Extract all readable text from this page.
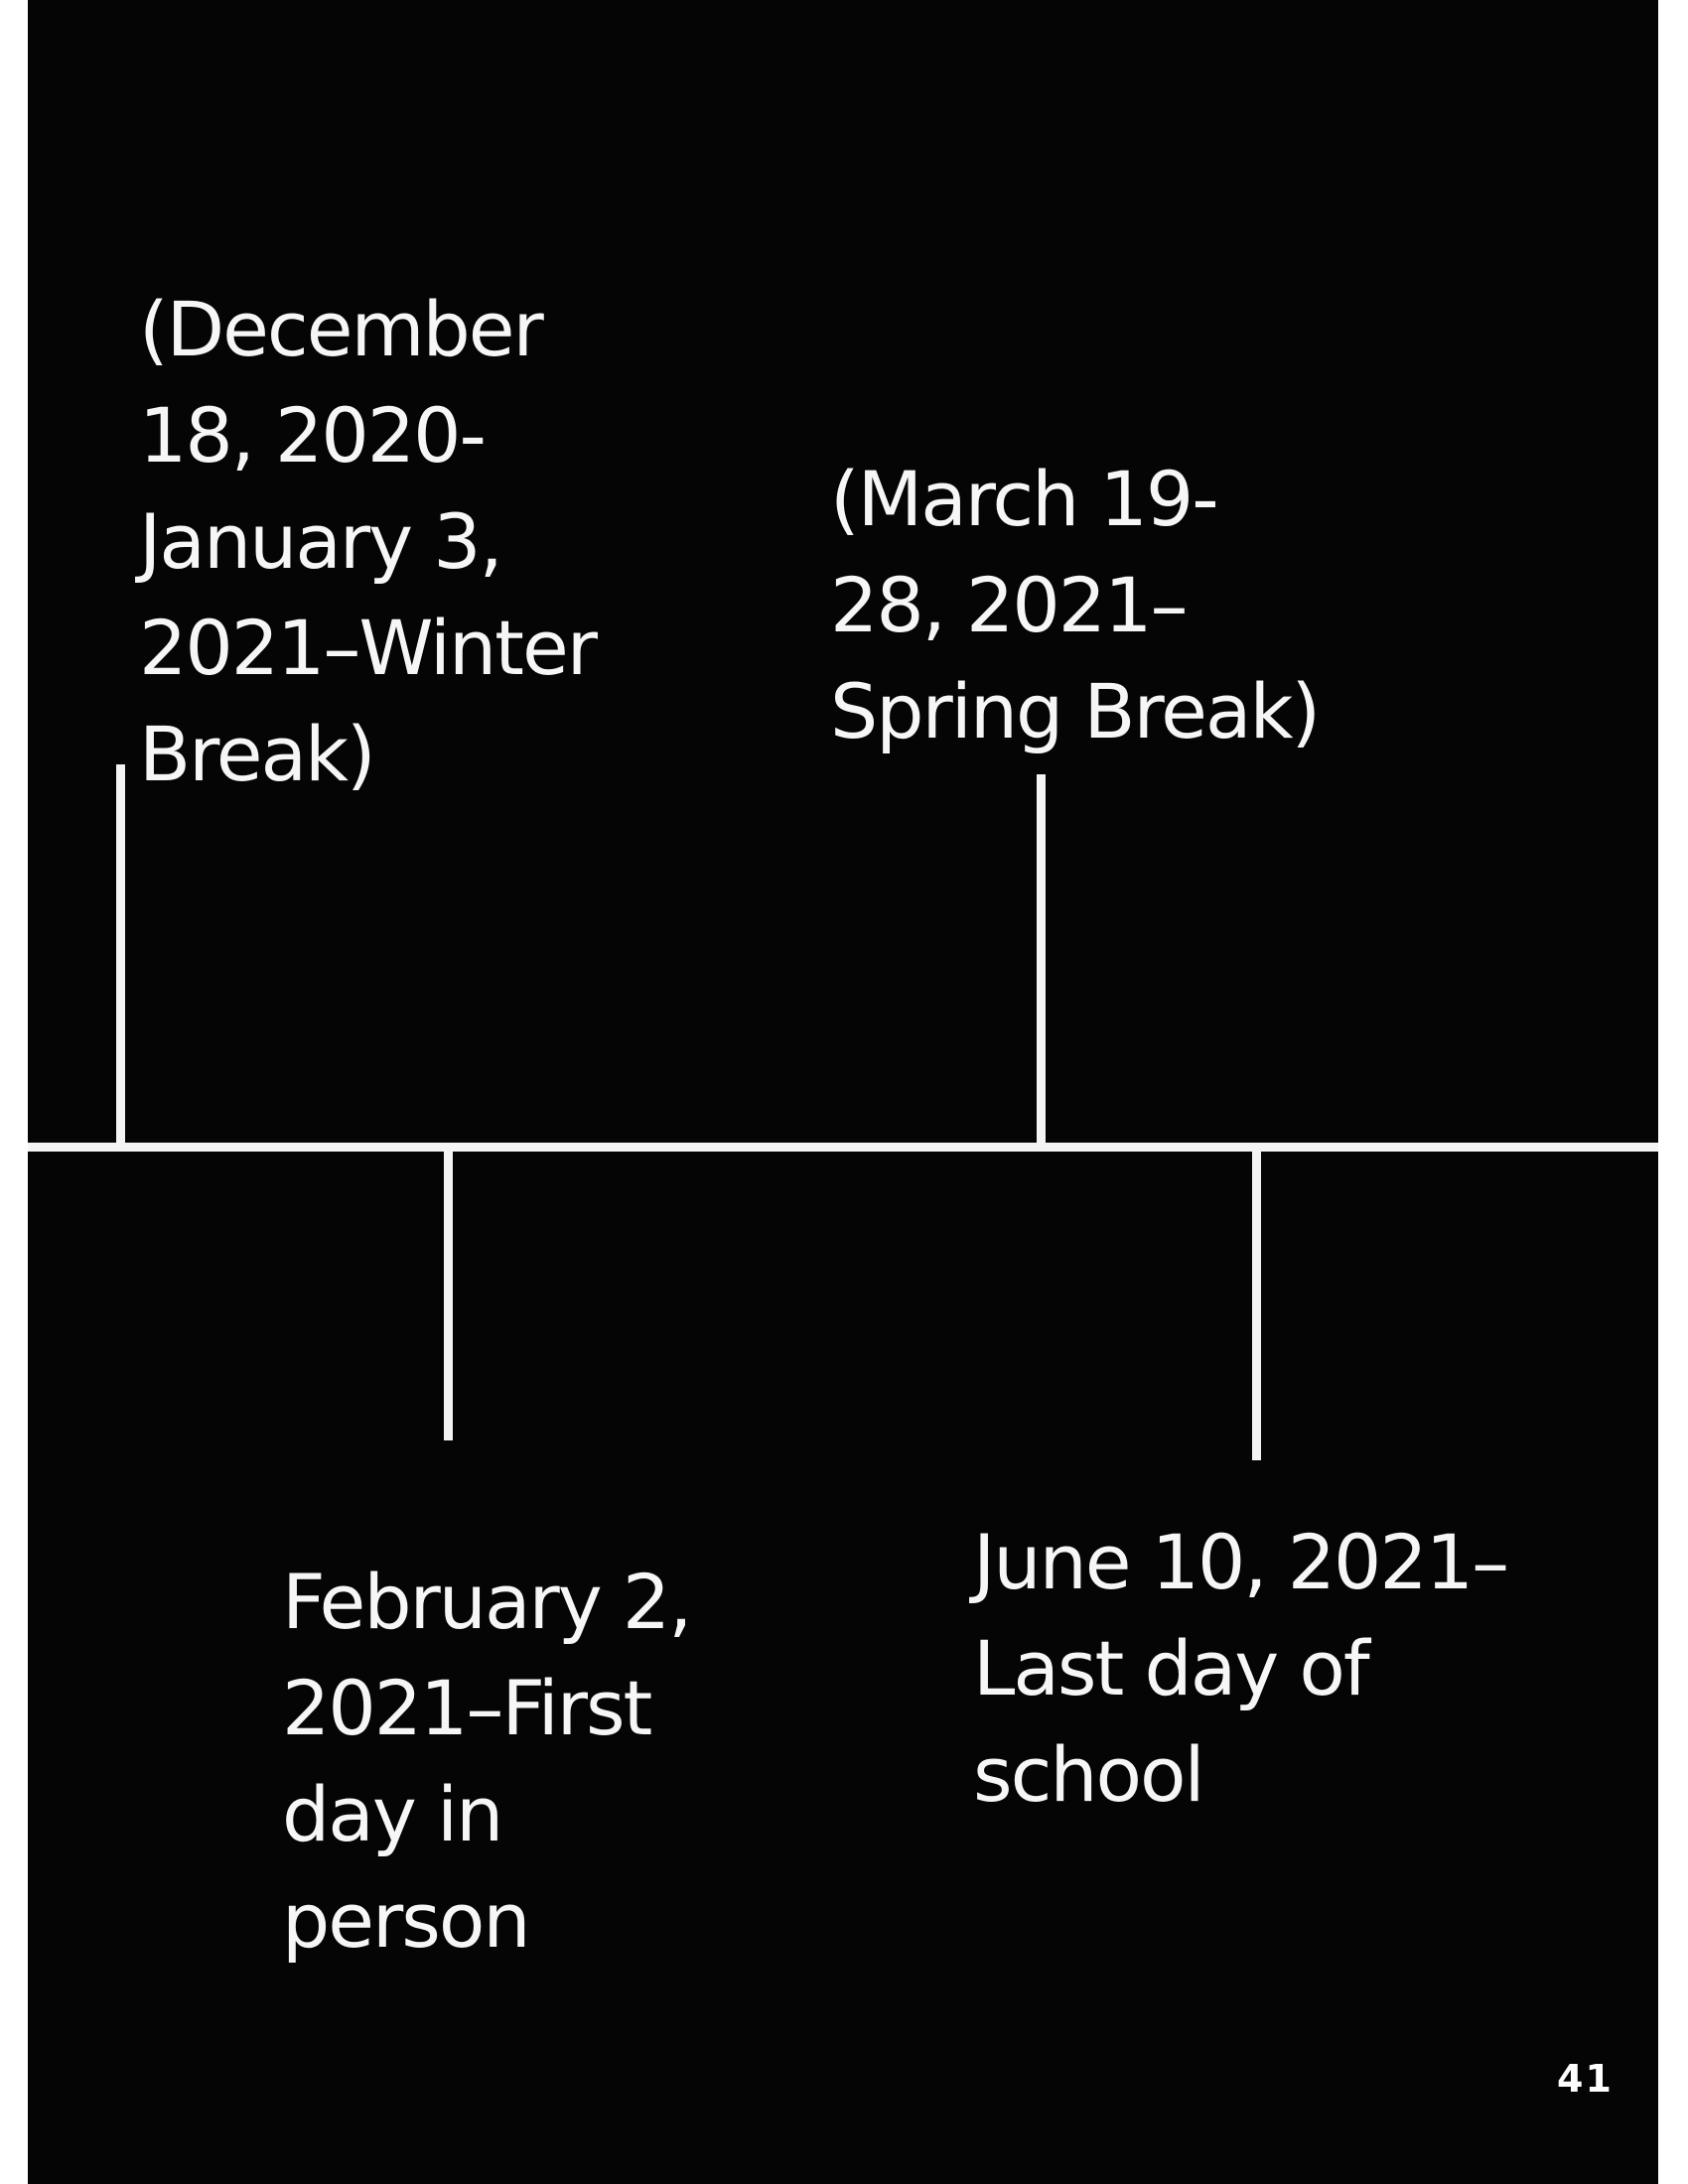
(December
18, 2020-
January 3,
2021–Winter
Break)

(March 19-
28, 2021–
Spring Break)

February 2,
2021–First
day in
person

June 10, 2021–
Last day of
school

41
